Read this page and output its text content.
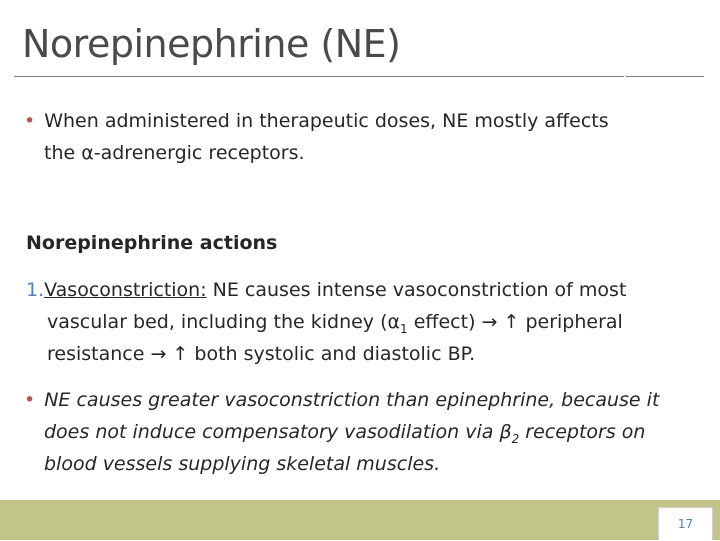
Norepinephrine (NE)
• When administered in therapeutic doses, NE mostly affects
the α-adrenergic receptors.
Norepinephrine actions
1.Vasoconstriction: NE causes intense vasoconstriction of most
vascular bed, including the kidney ($\alpha_1$ effect) → ↑ peripheral
resistance → ↑ both systolic and diastolic BP.
• NE causes greater vasoconstriction than epinephrine, because it
does not induce compensatory vasodilation via $\beta_2$ receptors on
blood vessels supplying skeletal muscles.
17
